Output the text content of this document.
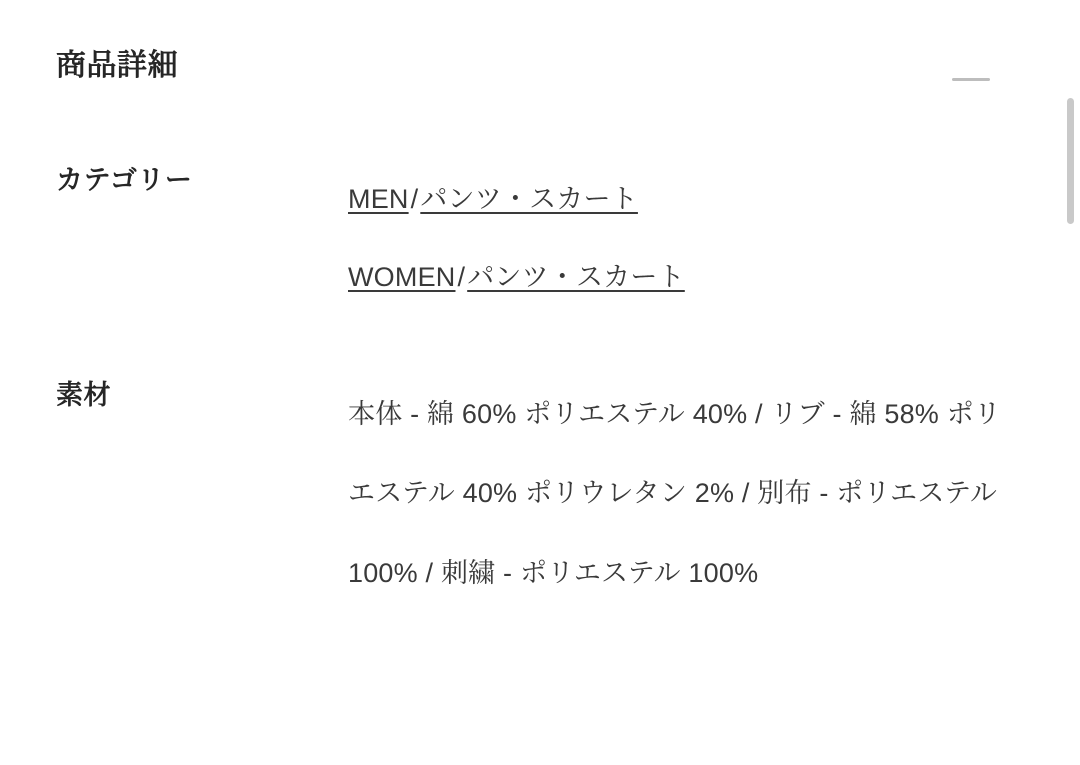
商品詳細
カテゴリー
MEN/パンツ・スカート
WOMEN/パンツ・スカート
素材
本体 - 綿 60% ポリエステル 40% / リブ - 綿 58% ポリエステル 40% ポリウレタン 2% / 別布 - ポリエステル 100% / 刺繍 - ポリエステル 100%
